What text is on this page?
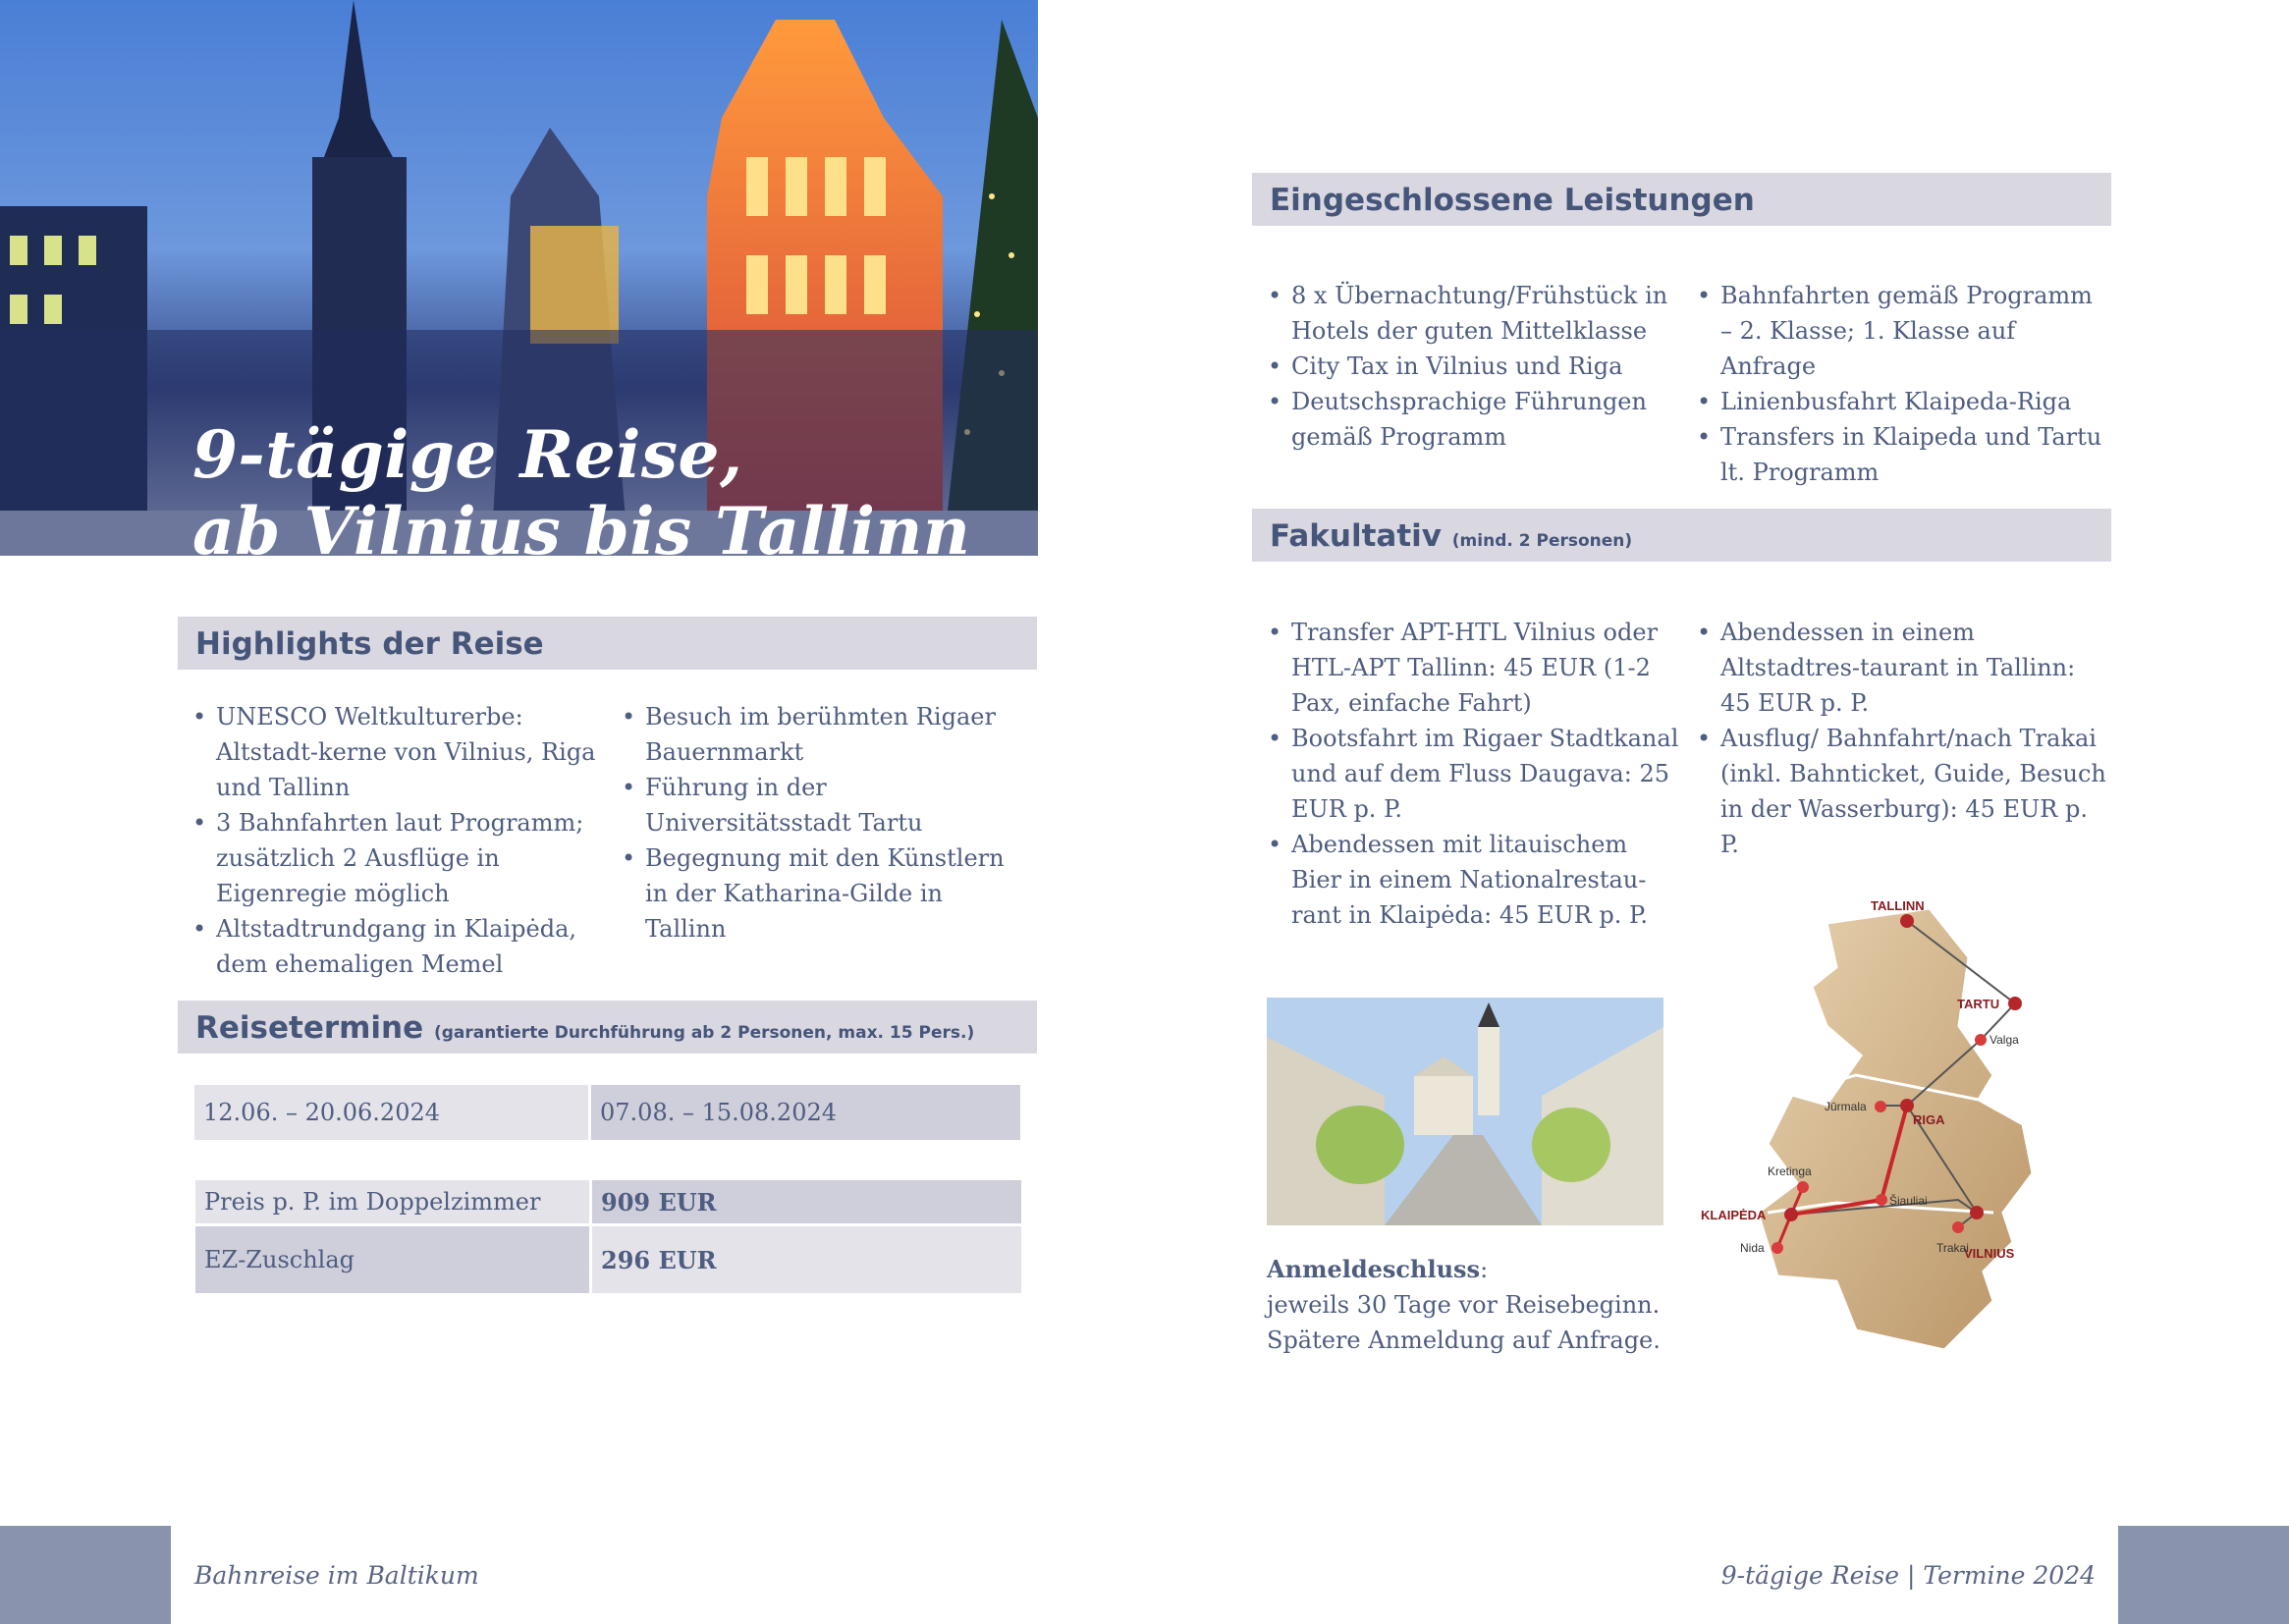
9-tägige Reise,
ab Vilnius bis Tallinn
Highlights der Reise
• UNESCO Weltkulturerbe: Altstadt-kerne von Vilnius, Riga und Tallinn
• 3 Bahnfahrten laut Programm; zusätzlich 2 Ausflüge in Eigenregie möglich
• Altstadtrundgang in Klaipėda, dem ehemaligen Memel
• Besuch im berühmten Rigaer Bauernmarkt
• Führung in der Universitätsstadt Tartu
• Begegnung mit den Künstlern in der Katharina-Gilde in Tallinn
Reisetermine (garantierte Durchführung ab 2 Personen, max. 15 Pers.)
12.06. – 20.06.2024	07.08. – 15.08.2024
Preis p. P. im Doppelzimmer	909 EUR
EZ-Zuschlag	296 EUR
Eingeschlossene Leistungen
• 8 x Übernachtung/Frühstück in Hotels der guten Mittelklasse
• City Tax in Vilnius und Riga
• Deutschsprachige Führungen gemäß Programm
• Bahnfahrten gemäß Programm – 2. Klasse; 1. Klasse auf Anfrage
• Linienbusfahrt Klaipeda-Riga
• Transfers in Klaipeda und Tartu lt. Programm
Fakultativ (mind. 2 Personen)
• Transfer APT-HTL Vilnius oder HTL-APT Tallinn: 45 EUR (1-2 Pax, einfache Fahrt)
• Bootsfahrt im Rigaer Stadtkanal und auf dem Fluss Daugava: 25 EUR p. P.
• Abendessen mit litauischem Bier in einem Nationalrestau-rant in Klaipėda: 45 EUR p. P.
• Abendessen in einem Altstadtres-taurant in Tallinn: 45 EUR p. P.
• Ausflug/ Bahnfahrt/nach Trakai (inkl. Bahnticket, Guide, Besuch in der Wasserburg): 45 EUR p. P.
Anmeldeschluss:
jeweils 30 Tage vor Reisebeginn.
Spätere Anmeldung auf Anfrage.
TALLINN
TARTU
Valga
Jūrmala
RIGA
Kretinga
KLAIPĖDA
Šiauliai
Nida	VILNIUS
Trakai
Bahnreise im Baltikum	9-tägige Reise | Termine 2024
